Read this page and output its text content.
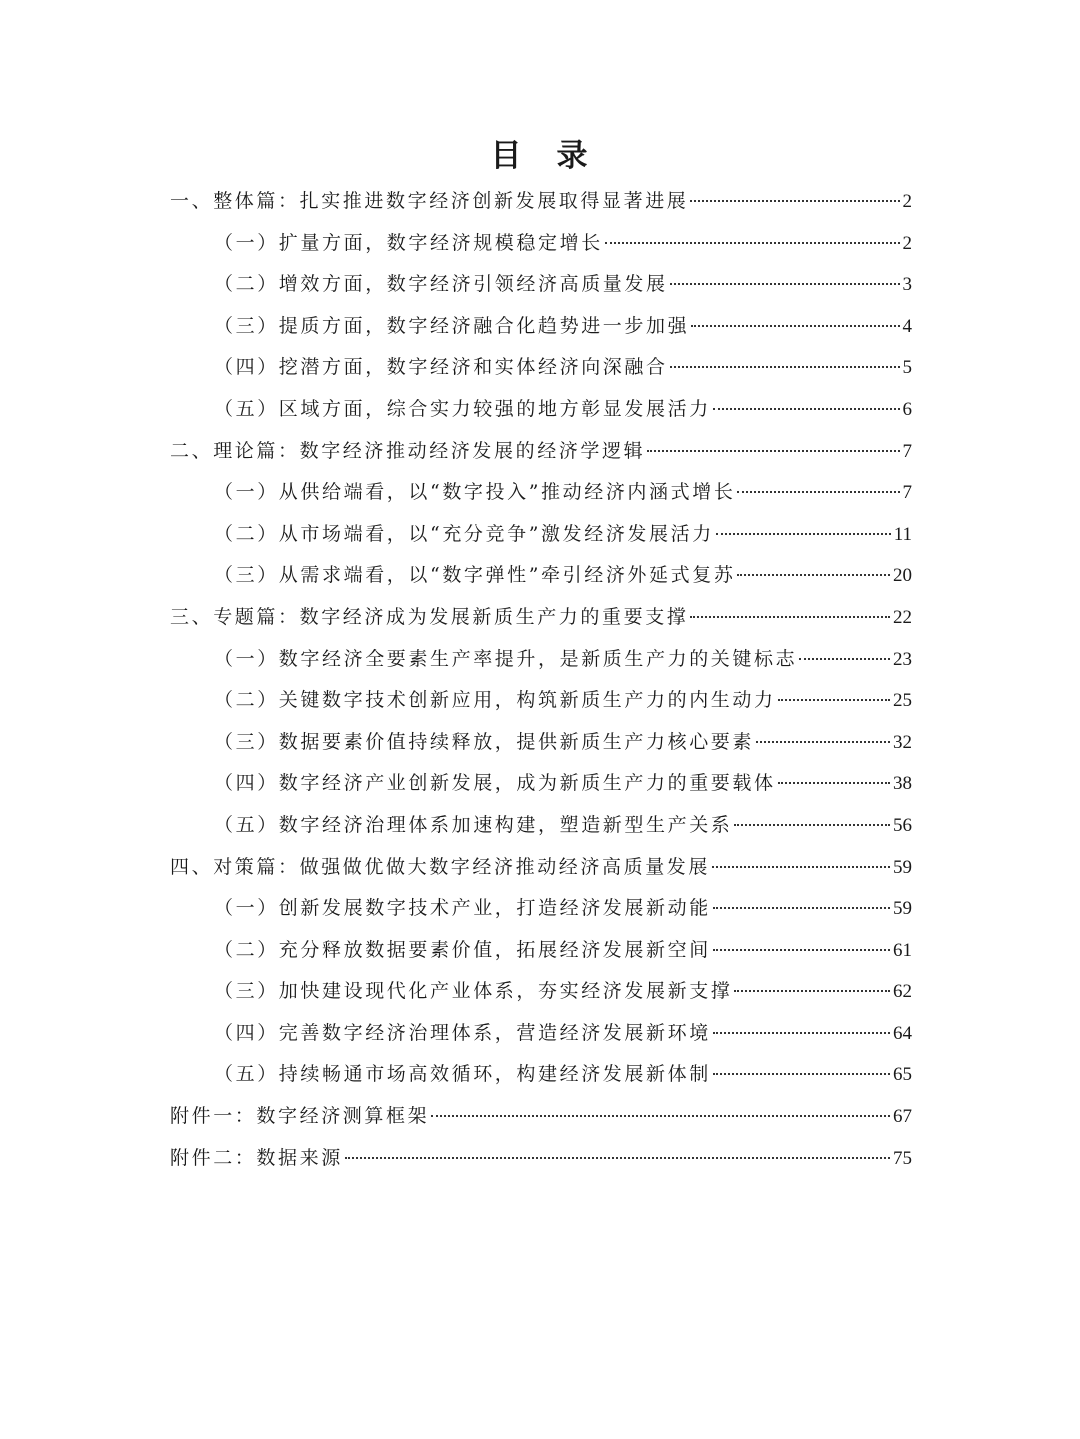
目　录
一、整体篇：扎实推进数字经济创新发展取得显著进展	2
（一）扩量方面，数字经济规模稳定增长	2
（二）增效方面，数字经济引领经济高质量发展	3
（三）提质方面，数字经济融合化趋势进一步加强	4
（四）挖潜方面，数字经济和实体经济向深融合	5
（五）区域方面，综合实力较强的地方彰显发展活力	6
二、理论篇：数字经济推动经济发展的经济学逻辑	7
（一）从供给端看，以“数字投入”推动经济内涵式增长	7
（二）从市场端看，以“充分竞争”激发经济发展活力	11
（三）从需求端看，以“数字弹性”牵引经济外延式复苏	20
三、专题篇：数字经济成为发展新质生产力的重要支撑	22
（一）数字经济全要素生产率提升，是新质生产力的关键标志	23
（二）关键数字技术创新应用，构筑新质生产力的内生动力	25
（三）数据要素价值持续释放，提供新质生产力核心要素	32
（四）数字经济产业创新发展，成为新质生产力的重要载体	38
（五）数字经济治理体系加速构建，塑造新型生产关系	56
四、对策篇：做强做优做大数字经济推动经济高质量发展	59
（一）创新发展数字技术产业，打造经济发展新动能	59
（二）充分释放数据要素价值，拓展经济发展新空间	61
（三）加快建设现代化产业体系，夯实经济发展新支撑	62
（四）完善数字经济治理体系，营造经济发展新环境	64
（五）持续畅通市场高效循环，构建经济发展新体制	65
附件一：数字经济测算框架	67
附件二：数据来源	75
